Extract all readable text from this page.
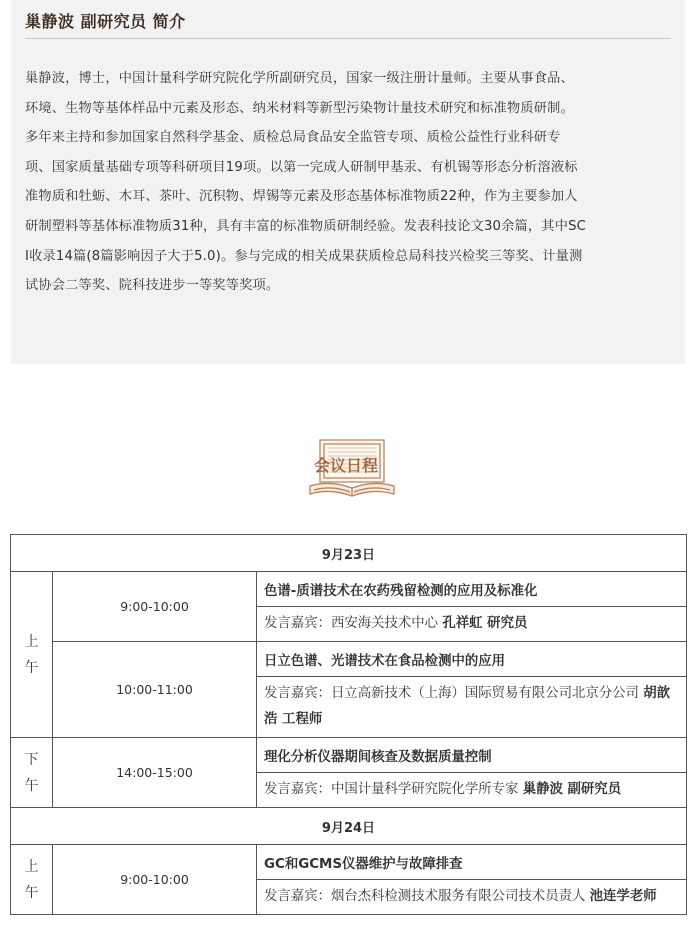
巢静波 副研究员 简介
巢静波，博士，中国计量科学研究院化学所副研究员，国家一级注册计量师。主要从事食品、
环境、生物等基体样品中元素及形态、纳米材料等新型污染物计量技术研究和标准物质研制。
多年来主持和参加国家自然科学基金、质检总局食品安全监管专项、质检公益性行业科研专
项、国家质量基础专项等科研项目19项。以第一完成人研制甲基汞、有机锡等形态分析溶液标
准物质和牡蛎、木耳、茶叶、沉积物、焊锡等元素及形态基体标准物质22种，作为主要参加人
研制塑料等基体标准物质31种，具有丰富的标准物质研制经验。发表科技论文30余篇，其中SC
I收录14篇(8篇影响因子大于5.0)。参与完成的相关成果获质检总局科技兴检奖三等奖、计量测
试协会二等奖、院科技进步一等奖等奖项。
会议日程
9月23日		
上
午	9:00-10:00	色谱-质谱技术在农药残留检测的应用及标准化
		发言嘉宾：西安海关技术中心 孔祥虹 研究员
	10:00-11:00	日立色谱、光谱技术在食品检测中的应用
		发言嘉宾：日立高新技术（上海）国际贸易有限公司北京分公司 胡歆浩 工程师
下
午	14:00-15:00	理化分析仪器期间核查及数据质量控制
		发言嘉宾：中国计量科学研究院化学所专家 巢静波 副研究员
9月24日		
上
午	9:00-10:00	GC和GCMS仪器维护与故障排查
		发言嘉宾：烟台杰科检测技术服务有限公司技术员责人 池连学老师
